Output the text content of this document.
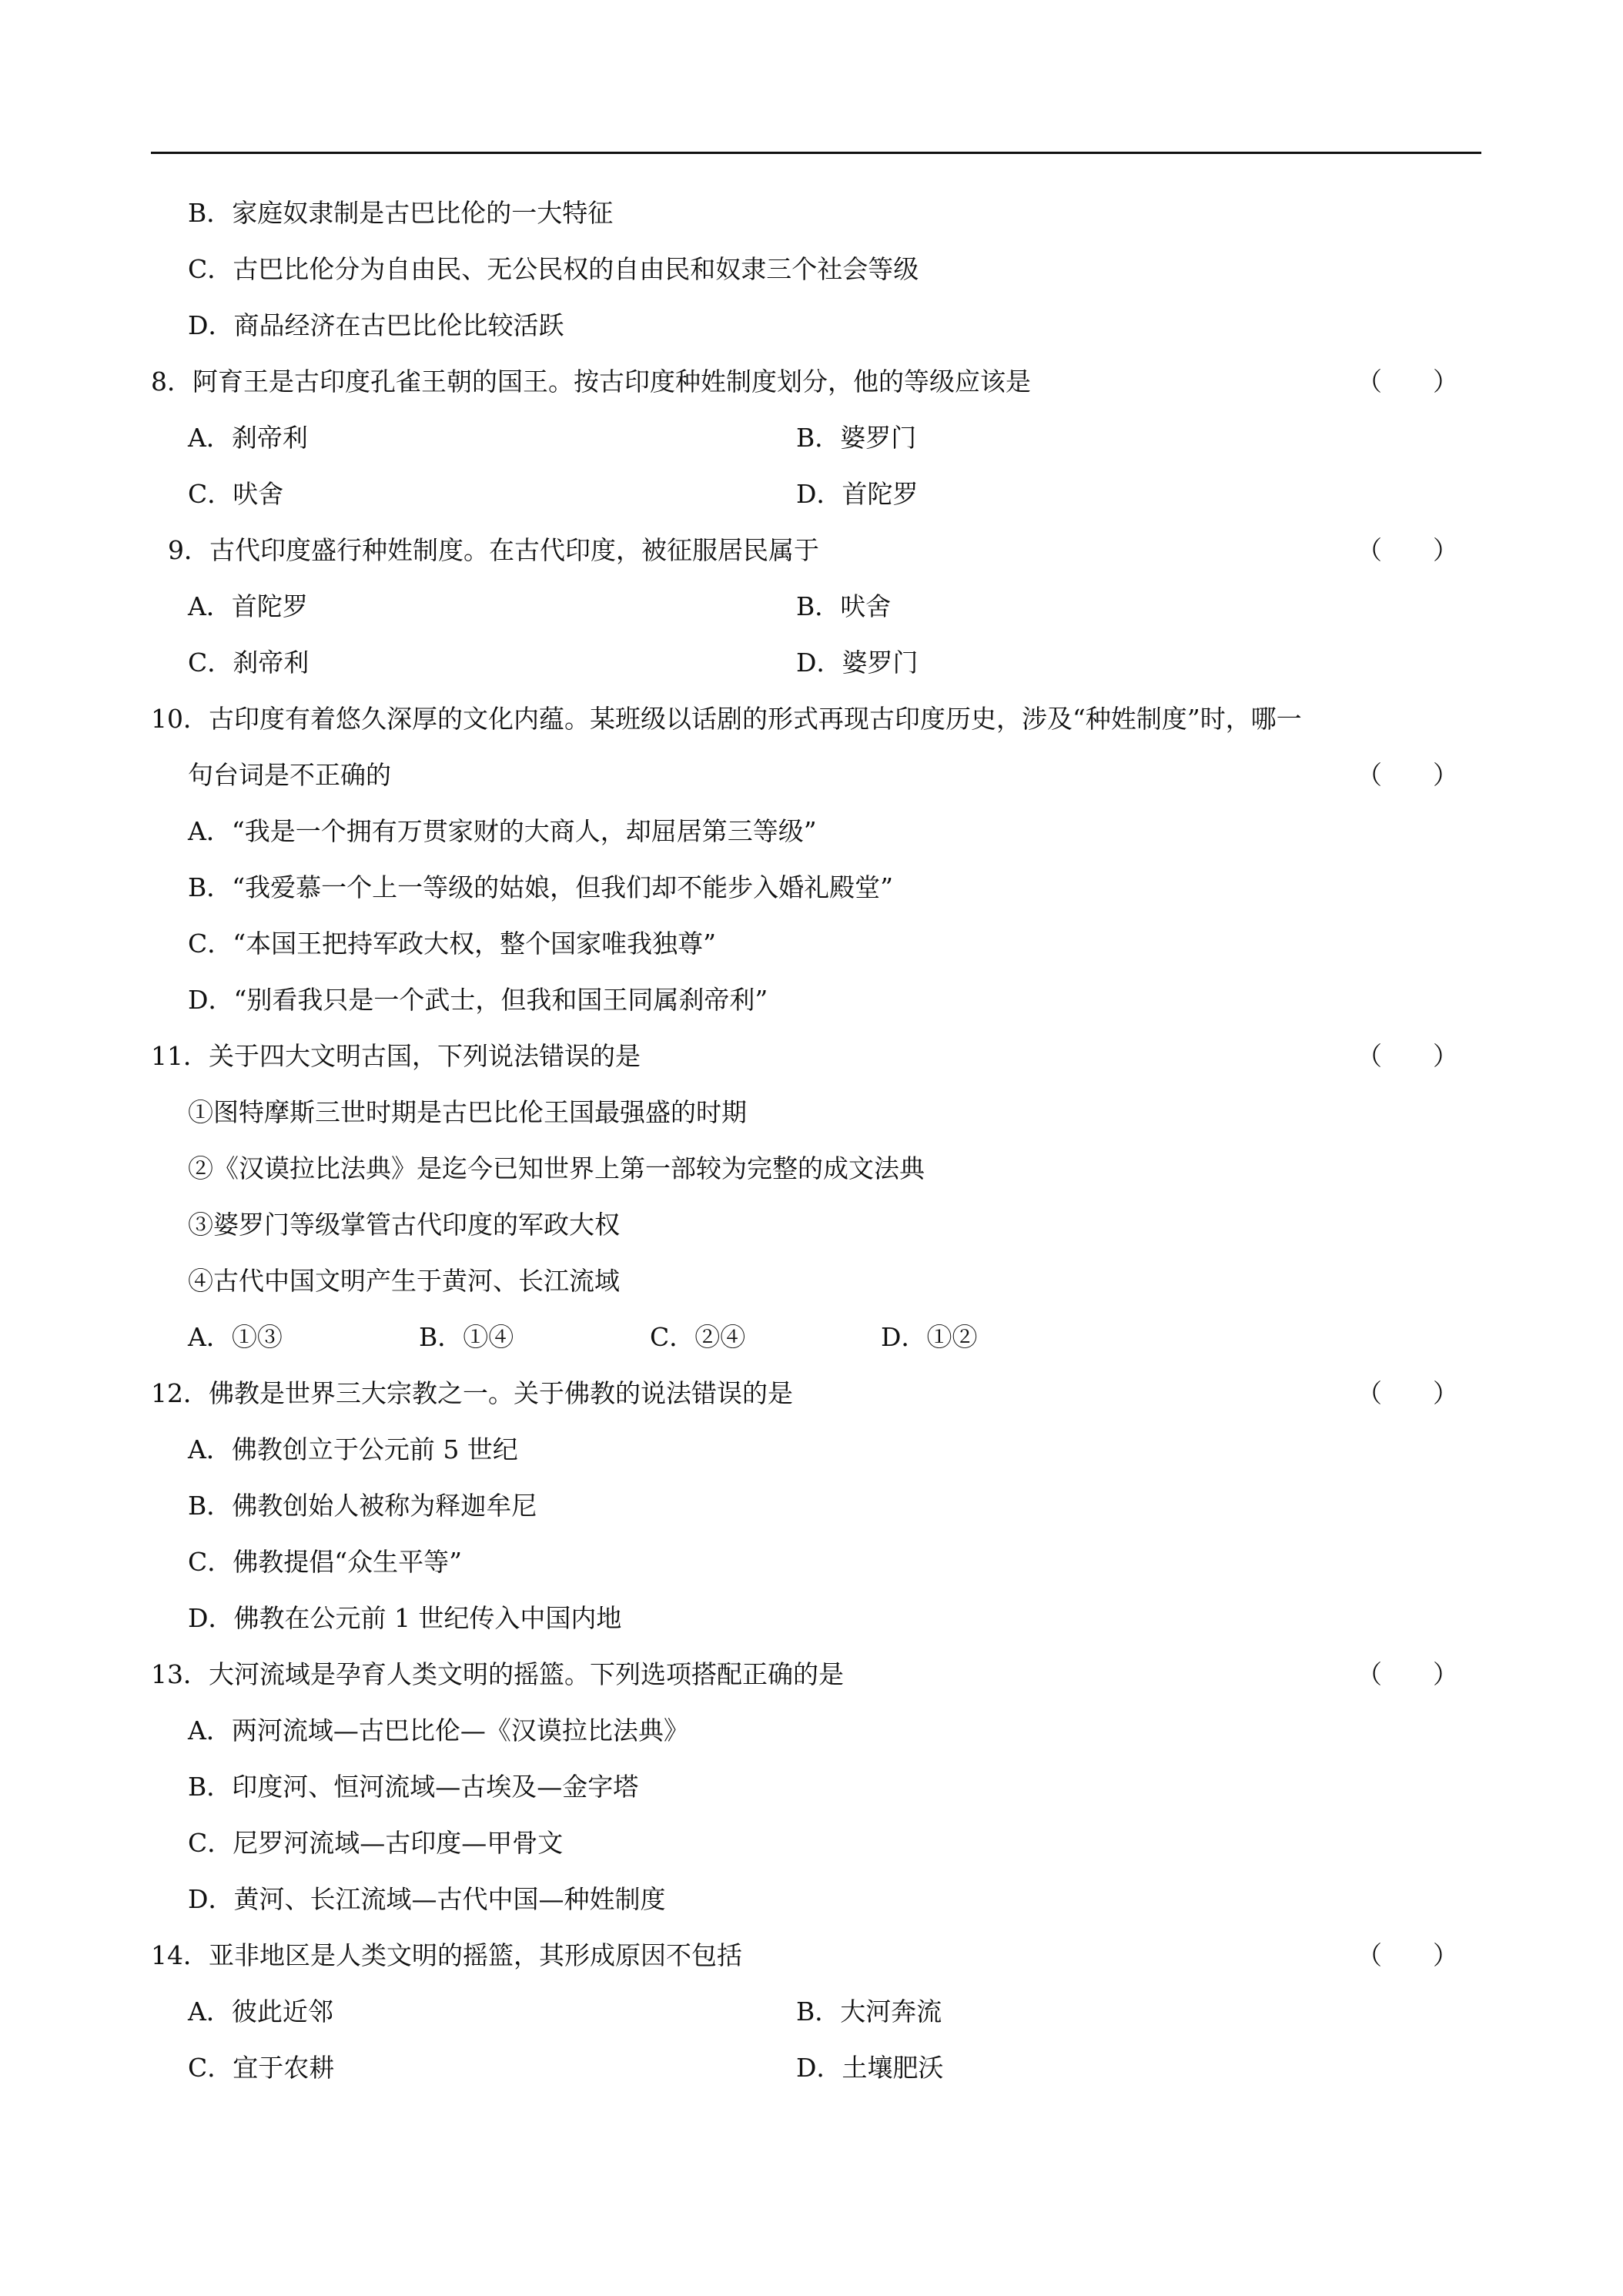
B．家庭奴隶制是古巴比伦的一大特征
C．古巴比伦分为自由民、无公民权的自由民和奴隶三个社会等级
D．商品经济在古巴比伦比较活跃
8．阿育王是古印度孔雀王朝的国王。按古印度种姓制度划分，他的等级应该是	（　　）
A．刹帝利	B．婆罗门
C．吠舍	D．首陀罗
9．古代印度盛行种姓制度。在古代印度，被征服居民属于	（　　）
A．首陀罗	B．吠舍
C．刹帝利	D．婆罗门
10．古印度有着悠久深厚的文化内蕴。某班级以话剧的形式再现古印度历史，涉及“种姓制度”时，哪一
句台词是不正确的	（　　）
A．“我是一个拥有万贯家财的大商人，却屈居第三等级”
B．“我爱慕一个上一等级的姑娘，但我们却不能步入婚礼殿堂”
C．“本国王把持军政大权，整个国家唯我独尊”
D．“别看我只是一个武士，但我和国王同属刹帝利”
11．关于四大文明古国，下列说法错误的是	（　　）
①图特摩斯三世时期是古巴比伦王国最强盛的时期
②《汉谟拉比法典》是迄今已知世界上第一部较为完整的成文法典
③婆罗门等级掌管古代印度的军政大权
④古代中国文明产生于黄河、长江流域
A．①③	B．①④	C．②④	D．①②
12．佛教是世界三大宗教之一。关于佛教的说法错误的是	（　　）
A．佛教创立于公元前 5 世纪
B．佛教创始人被称为释迦牟尼
C．佛教提倡“众生平等”
D．佛教在公元前 1 世纪传入中国内地
13．大河流域是孕育人类文明的摇篮。下列选项搭配正确的是	（　　）
A．两河流域—古巴比伦—《汉谟拉比法典》
B．印度河、恒河流域—古埃及—金字塔
C．尼罗河流域—古印度—甲骨文
D．黄河、长江流域—古代中国—种姓制度
14．亚非地区是人类文明的摇篮，其形成原因不包括	（　　）
A．彼此近邻	B．大河奔流
C．宜于农耕	D．土壤肥沃
